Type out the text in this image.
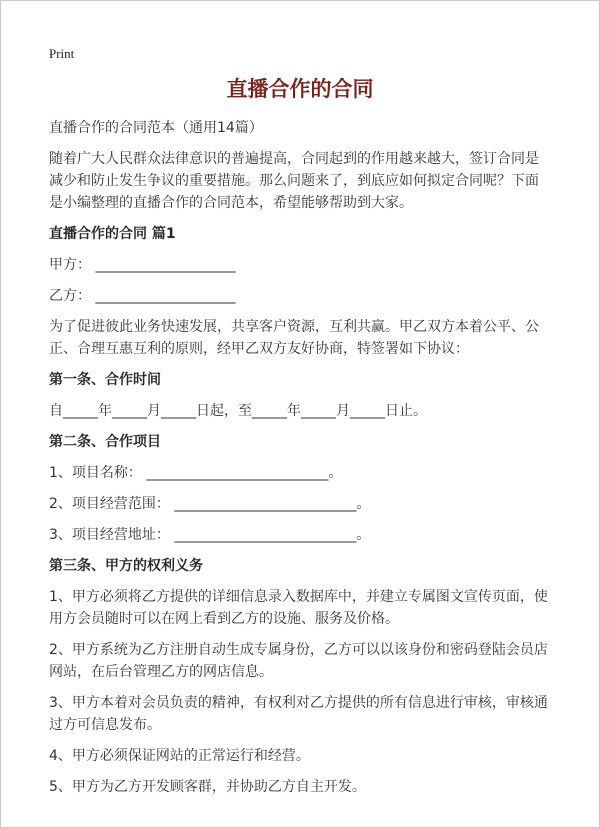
Print
直播合作的合同

直播合作的合同范本（通用14篇）

随着广大人民群众法律意识的普遍提高，合同起到的作用越来越大，签订合同是减少和防止发生争议的重要措施。那么问题来了，到底应如何拟定合同呢？下面是小编整理的直播合作的合同范本，希望能够帮助到大家。

直播合作的合同 篇1

甲方： ____________________

乙方： ____________________

为了促进彼此业务快速发展，共享客户资源，互利共赢。甲乙双方本着公平、公正、合理互惠互利的原则，经甲乙双方友好协商，特签署如下协议：

第一条、合作时间

自_____年_____月_____日起，至_____年_____月_____日止。

第二条、合作项目

1、项目名称： __________________________。

2、项目经营范围： __________________________。

3、项目经营地址： __________________________。

第三条、甲方的权利义务

1、甲方必须将乙方提供的详细信息录入数据库中，并建立专属图文宣传页面，使用方会员随时可以在网上看到乙方的设施、服务及价格。

2、甲方系统为乙方注册自动生成专属身份，乙方可以以该身份和密码登陆会员店网站，在后台管理乙方的网店信息。

3、甲方本着对会员负责的精神，有权利对乙方提供的所有信息进行审核，审核通过方可信息发布。

4、甲方必须保证网站的正常运行和经营。

5、甲方为乙方开发顾客群，并协助乙方自主开发。
